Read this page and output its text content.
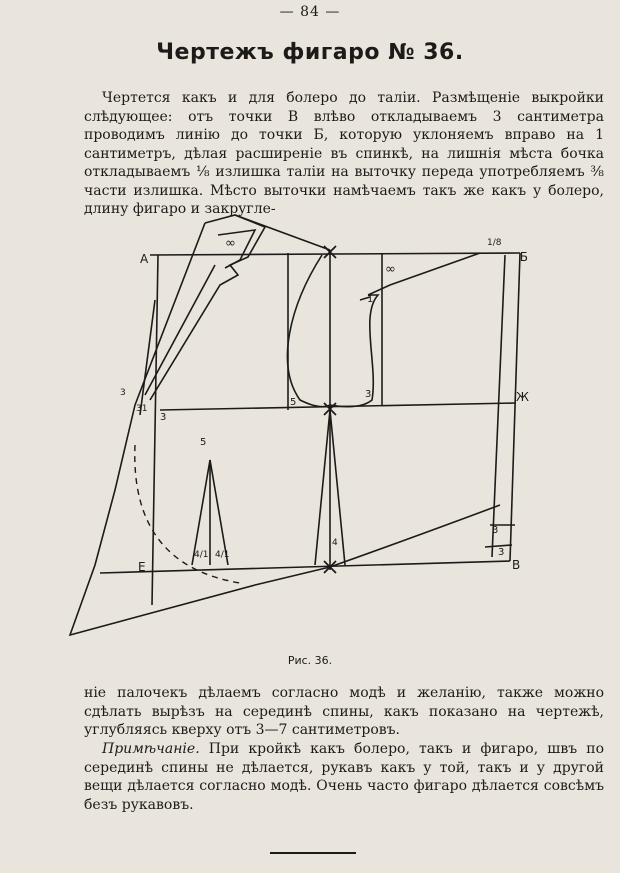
— 84 —
Чертежъ фигаро № 36.

Чертется какъ и для болеро до таліи. Размѣщеніе выкройки слѣдующее: отъ точки В влѣво откладываемъ 3 сантиметра проводимъ линію до точки Б, которую уклоняемъ вправо на 1 сантиметръ, дѣлая расширеніе въ спинкѣ, на лишнія мѣста бочка откладываемъ ⅛ излишка таліи на выточку переда употребляемъ ⅜ части излишка. Мѣсто выточки намѣчаемъ такъ же какъ у болеро, длину фигаро и закругле-

А	Б
Е	В
Ж
1/8
∞
∞
1
5
3
3
5
3
3
4
31
4/1 4/1
3
Рис. 36.

ніе палочекъ дѣлаемъ согласно модѣ и желанію, также можно сдѣлать вырѣзъ на серединѣ спины, какъ показано на чертежѣ, углубляясь кверху отъ 3—7 сантиметровъ.

Примѣчаніе. При кройкѣ какъ болеро, такъ и фигаро, швъ по серединѣ спины не дѣлается, рукавъ какъ у той, такъ и у другой вещи дѣлается согласно модѣ. Очень часто фигаро дѣлается совсѣмъ безъ рукавовъ.
